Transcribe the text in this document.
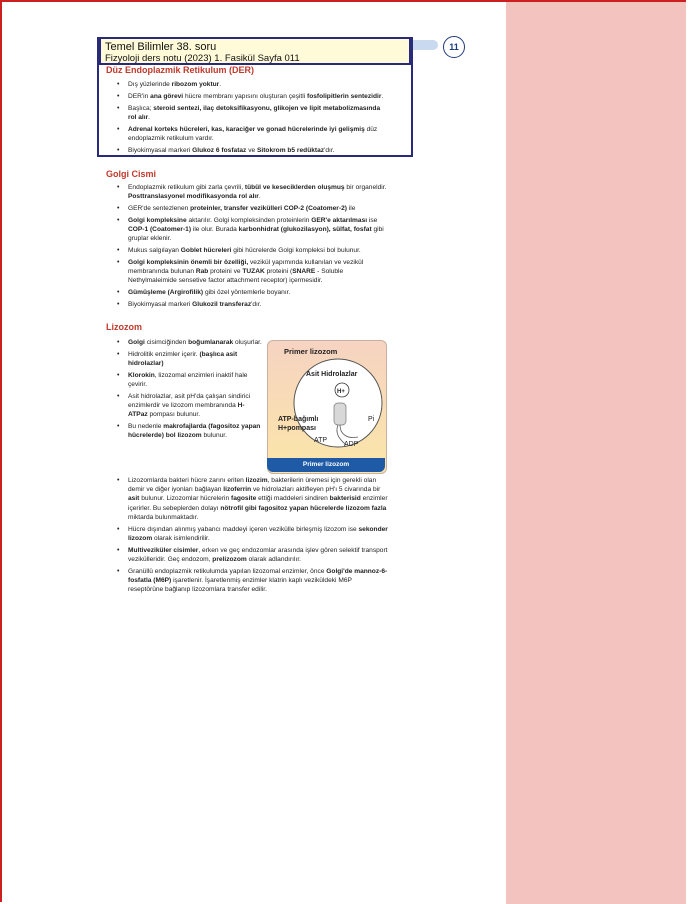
11
Temel Bilimler 38. soru
Fizyoloji ders notu (2023) 1. Fasikül Sayfa 011
Düz Endoplazmik Retikulum (DER)
• Dış yüzlerinde ribozom yoktur.
• DER'in ana görevi hücre membranı yapısını oluşturan çeşitli fosfolipitlerin sentezidir.
• Başlıca; steroid sentezi, ilaç detoksifikasyonu, glikojen ve lipit metabolizmasında rol alır.
• Adrenal korteks hücreleri, kas, karaciğer ve gonad hücrelerinde iyi gelişmiş düz endoplazmik retikulum vardır.
• Biyokimyasal markeri Glukoz 6 fosfataz ve Sitokrom b5 redüktaz'dır.
Golgi Cismi
• Endoplazmik retikulum gibi zarla çevrili, tübül ve keseciklerden oluşmuş bir organeldir. Posttranslasyonel modifikasyonda rol alır.
• GER'de sentezlenen proteinler, transfer vezikülleri COP-2 (Coatomer-2) ile
• Golgi kompleksine aktarılır. Golgi kompleksinden proteinlerin GER'e aktarılması ise COP-1 (Coatomer-1) ile olur. Burada karbonhidrat (glukozilasyon), sülfat, fosfat gibi gruplar eklenir.
• Mukus salgılayan Goblet hücreleri gibi hücrelerde Golgi kompleksi bol bulunur.
• Golgi kompleksinin önemli bir özelliği, vezikül yapımında kullanılan ve vezikül membranında bulunan Rab proteini ve TUZAK proteini (SNARE - Soluble Nethylmaleimide sensetive factor attachment receptor) içermesidir.
• Gümüşleme (Argirofilik) gibi özel yöntemlerle boyanır.
• Biyokimyasal markeri Glukozil transferaz'dır.
Lizozom
• Golgi cisimciğinden boğumlanarak oluşurlar.
• Hidrolitik enzimler içerir. (başlıca asit hidrolazlar)
• Klorokin, lizozomal enzimleri inaktif hale çevirir.
• Asit hidrolazlar, asit pH'da çalışan sindirici enzimlerdir ve lizozom membranında H-ATPaz pompası bulunur.
• Bu nedenle makrofajlarda (fagositoz yapan hücrelerde) bol lizozom bulunur.
Primer lizozom
Asit Hidrolazlar
H+
ATP-bağımlı
H+pompası
Pi
ATP
ADP
Primer lizozom
• Lizozomlarda bakteri hücre zarını eriten lizozim, bakterilerin üremesi için gerekli olan demir ve diğer iyonları bağlayan lizoferrin ve hidrolazları aktifleyen pH'ı 5 civarında bir asit bulunur. Lizozomlar hücrelerin fagosite ettiği maddeleri sindiren bakterisid enzimler içerirler. Bu sebeplerden dolayı nötrofil gibi fagositoz yapan hücrelerde lizozom fazla miktarda bulunmaktadır.
• Hücre dışından alınmış yabancı maddeyi içeren vezikülle birleşmiş lizozom ise sekonder lizozom olarak isimlendirilir.
• Multiveziküler cisimler, erken ve geç endozomlar arasında işlev gören selektif transport vezikülleridir. Geç endozom, prelizozom olarak adlandırılır.
• Granüllü endoplazmik retikulumda yapılan lizozomal enzimler, önce Golgi'de mannoz-6- fosfatla (M6P) işaretlenir. İşaretlenmiş enzimler klatrin kaplı veziküldeki M6P reseptörüne bağlanıp lizozomlara transfer edilir.
